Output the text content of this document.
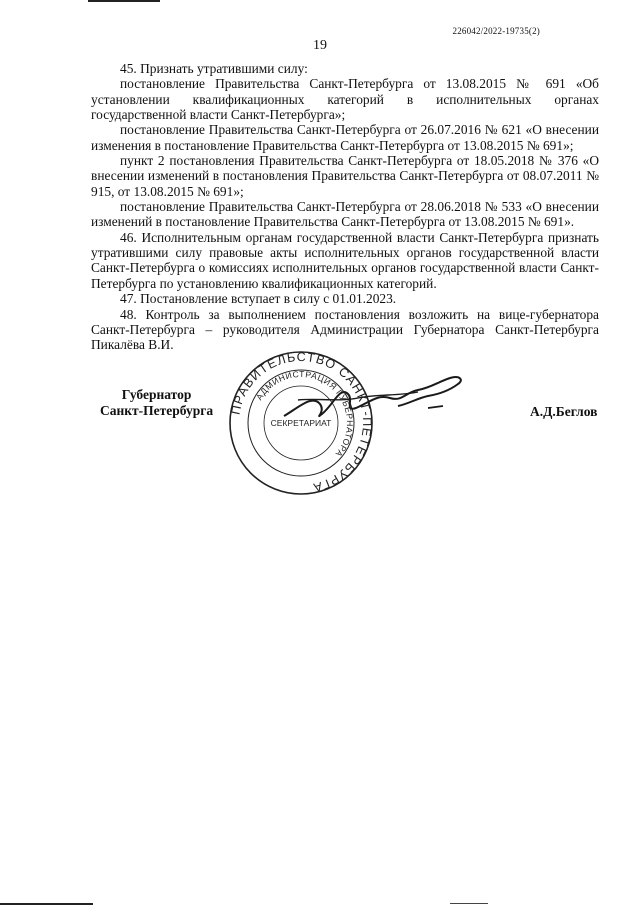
226042/2022-19735(2)
19

45. Признать утратившими силу:

постановление Правительства Санкт-Петербурга от 13.08.2015 № 691 «Об установлении квалификационных категорий в исполнительных органах государственной власти Санкт-Петербурга»;

постановление Правительства Санкт-Петербурга от 26.07.2016 № 621 «О внесении изменения в постановление Правительства Санкт-Петербурга от 13.08.2015 № 691»;

пункт 2 постановления Правительства Санкт-Петербурга от 18.05.2018 № 376 «О внесении изменений в постановления Правительства Санкт-Петербурга от 08.07.2011 № 915, от 13.08.2015 № 691»;

постановление Правительства Санкт-Петербурга от 28.06.2018 № 533 «О внесении изменений в постановление Правительства Санкт-Петербурга от 13.08.2015 № 691».

46. Исполнительным органам государственной власти Санкт-Петербурга признать утратившими силу правовые акты исполнительных органов государственной власти Санкт-Петербурга о комиссиях исполнительных органов государственной власти Санкт-Петербурга по установлению квалификационных категорий.

47. Постановление вступает в силу с 01.01.2023.

48. Контроль за выполнением постановления возложить на вице-губернатора Санкт-Петербурга – руководителя Администрации Губернатора Санкт-Петербурга Пикалёва В.И.

Губернатор
Санкт-Петербурга ПРАВИТЕЛЬСТВО САНКТ-ПЕТЕРБУРГА
АДМИНИСТРАЦИЯ ГУБЕРНАТОРА
СЕКРЕТАРИАТ
А.Д.Беглов
